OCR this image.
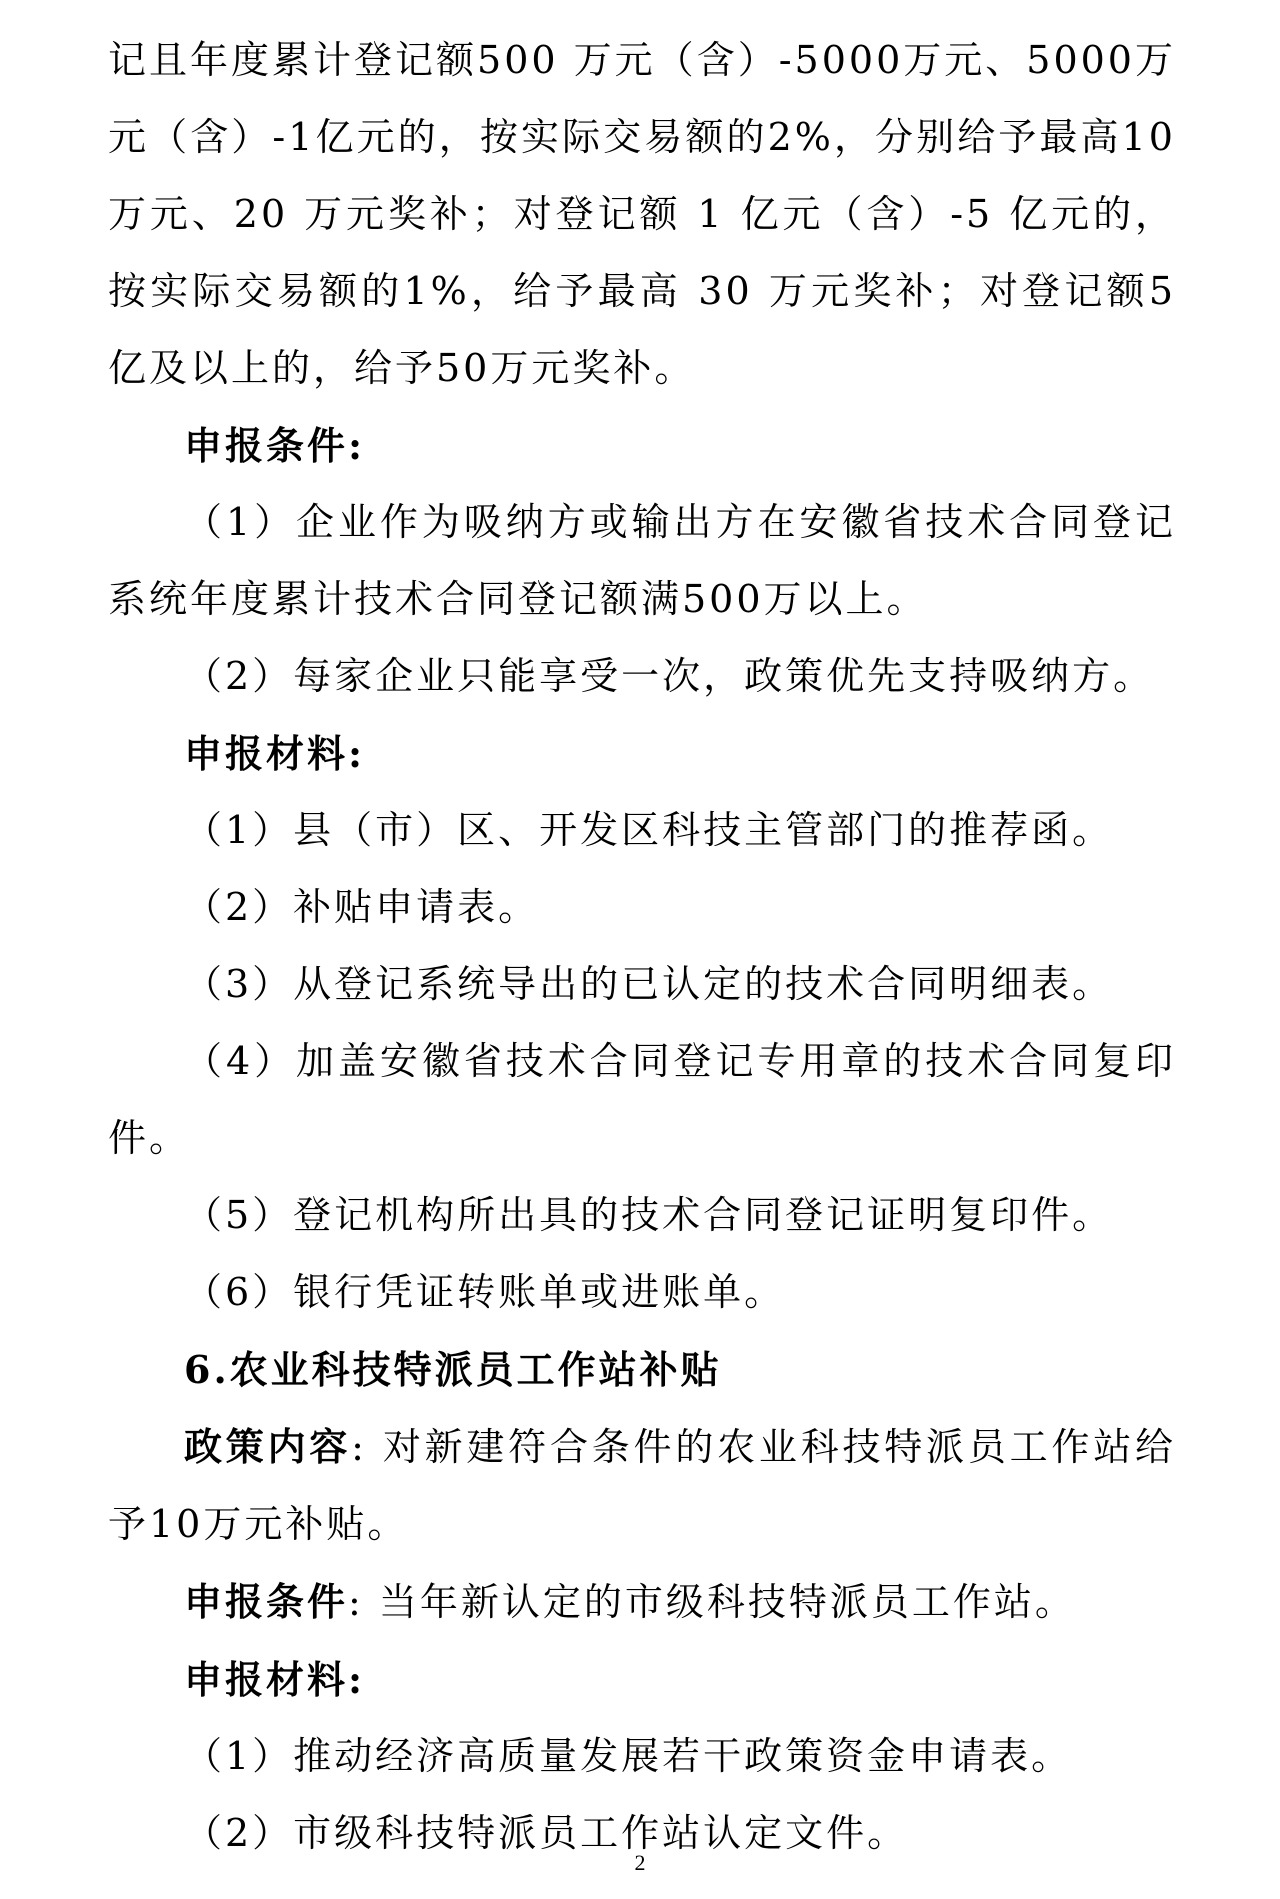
记且年度累计登记额500 万元（含）-5000万元、5000万元（含）-1亿元的，按实际交易额的2%，分别给予最高10万元、20 万元奖补；对登记额 1 亿元（含）-5 亿元的，按实际交易额的1%，给予最高 30 万元奖补；对登记额5亿及以上的，给予50万元奖补。

申报条件:

（1）企业作为吸纳方或输出方在安徽省技术合同登记系统年度累计技术合同登记额满500万以上。

（2）每家企业只能享受一次，政策优先支持吸纳方。

申报材料:

（1）县（市）区、开发区科技主管部门的推荐函。

（2）补贴申请表。

（3）从登记系统导出的已认定的技术合同明细表。

（4）加盖安徽省技术合同登记专用章的技术合同复印件。

（5）登记机构所出具的技术合同登记证明复印件。

（6）银行凭证转账单或进账单。

6.农业科技特派员工作站补贴

政策内容: 对新建符合条件的农业科技特派员工作站给予10万元补贴。

申报条件: 当年新认定的市级科技特派员工作站。

申报材料:

（1）推动经济高质量发展若干政策资金申请表。

（2）市级科技特派员工作站认定文件。

2
